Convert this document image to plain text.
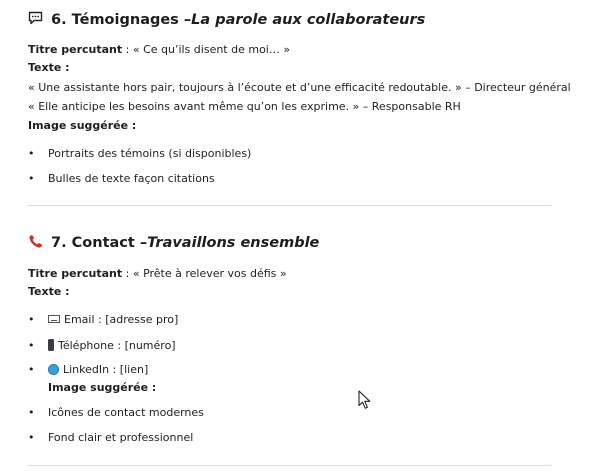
6. Témoignages – La parole aux collaborateurs
Titre percutant : « Ce qu’ils disent de moi… »
Texte :
« Une assistante hors pair, toujours à l’écoute et d’une efficacité redoutable. » – Directeur général
« Elle anticipe les besoins avant même qu’on les exprime. » – Responsable RH
Image suggérée :
•	Portraits des témoins (si disponibles)
•	Bulles de texte façon citations
7. Contact – Travaillons ensemble
Titre percutant : « Prête à relever vos défis »
Texte :
•	Email : [adresse pro]
•	Téléphone : [numéro]
•	LinkedIn : [lien]
Image suggérée :
•	Icônes de contact modernes
•	Fond clair et professionnel
